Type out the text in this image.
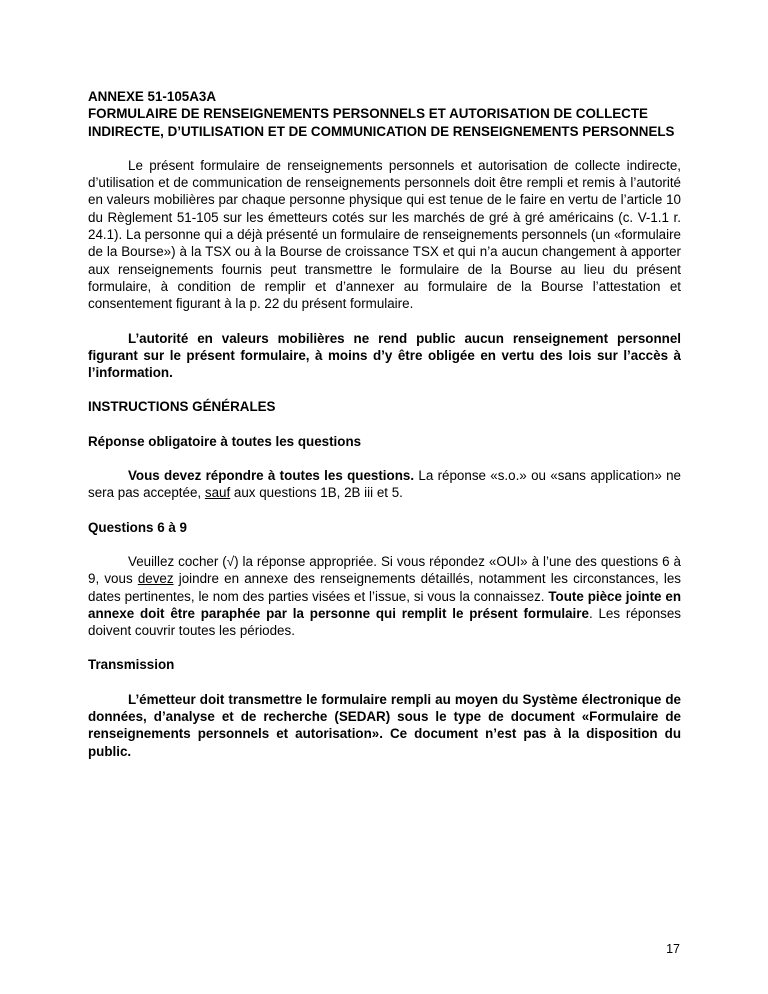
ANNEXE 51-105A3A

FORMULAIRE DE RENSEIGNEMENTS PERSONNELS ET AUTORISATION DE COLLECTE INDIRECTE, D’UTILISATION ET DE COMMUNICATION DE RENSEIGNEMENTS PERSONNELS

Le présent formulaire de renseignements personnels et autorisation de collecte indirecte, d’utilisation et de communication de renseignements personnels doit être rempli et remis à l’autorité en valeurs mobilières par chaque personne physique qui est tenue de le faire en vertu de l’article 10 du Règlement 51-105 sur les émetteurs cotés sur les marchés de gré à gré américains (c. V-1.1 r. 24.1). La personne qui a déjà présenté un formulaire de renseignements personnels (un «formulaire de la Bourse») à la TSX ou à la Bourse de croissance TSX et qui n’a aucun changement à apporter aux renseignements fournis peut transmettre le formulaire de la Bourse au lieu du présent formulaire, à condition de remplir et d’annexer au formulaire de la Bourse l’attestation et consentement figurant à la p. 22 du présent formulaire.

L’autorité en valeurs mobilières ne rend public aucun renseignement personnel figurant sur le présent formulaire, à moins d’y être obligée en vertu des lois sur l’accès à l’information.

INSTRUCTIONS GÉNÉRALES

Réponse obligatoire à toutes les questions

Vous devez répondre à toutes les questions. La réponse «s.o.» ou «sans application» ne sera pas acceptée, sauf aux questions 1B, 2B iii et 5.

Questions 6 à 9

Veuillez cocher (√) la réponse appropriée. Si vous répondez «OUI» à l’une des questions 6 à 9, vous devez joindre en annexe des renseignements détaillés, notamment les circonstances, les dates pertinentes, le nom des parties visées et l’issue, si vous la connaissez. Toute pièce jointe en annexe doit être paraphée par la personne qui remplit le présent formulaire. Les réponses doivent couvrir toutes les périodes.

Transmission

L’émetteur doit transmettre le formulaire rempli au moyen du Système électronique de données, d’analyse et de recherche (SEDAR) sous le type de document «Formulaire de renseignements personnels et autorisation». Ce document n’est pas à la disposition du public.

17
